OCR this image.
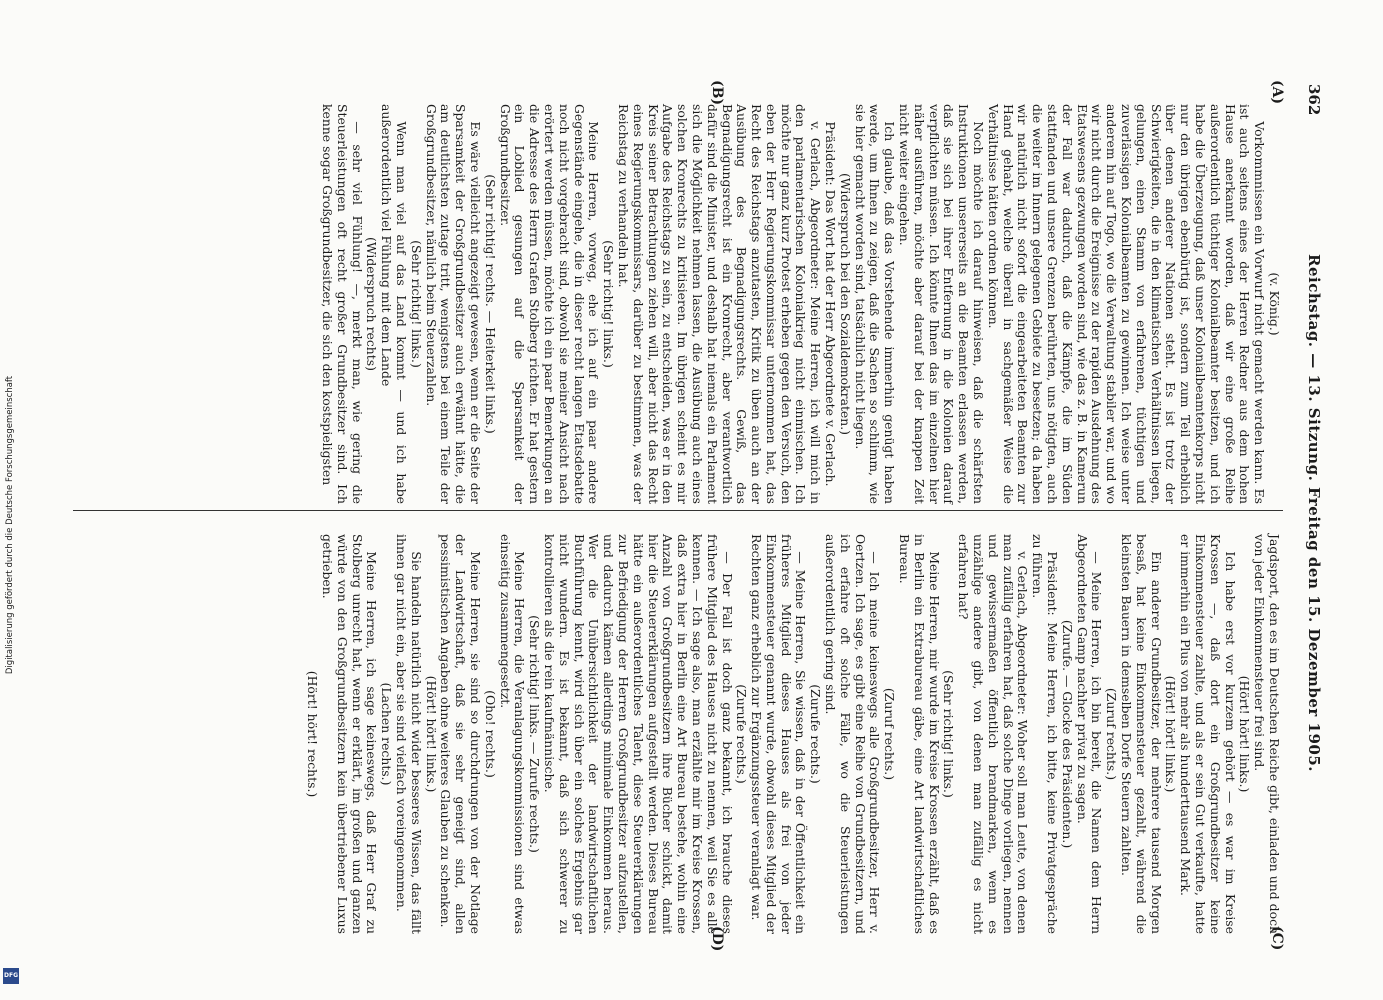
362
Reichstag. — 13. Sitzung. Freitag den 15. Dezember 1905.
(A)
(B)
(C)
(D)

(v. König.)

Vorkommnissen ein Vorwurf nicht gemacht werden kann. Es ist auch seitens eines der Herren Redner aus dem hohen Hause anerkannt worden, daß wir eine große Reihe außerordentlich tüchtiger Kolonialbeamter besitzen, und ich habe die Überzeugung, daß unser Kolonialbeamtenkorps nicht nur den übrigen ebenbürtig ist, sondern zum Teil erheblich über denen anderer Nationen steht. Es ist trotz der Schwierigkeiten, die in den klimatischen Verhältnissen liegen, gelungen, einen Stamm von erfahrenen, tüchtigen und zuverlässigen Kolonialbeamten zu gewinnen. Ich weise unter anderem hin auf Togo, wo die Verwaltung stabiler war, und wo wir nicht durch die Ereignisse zu der rapiden Ausdehnung des Etatswesens gezwungen worden sind, wie das z. B. in Kamerun der Fall war dadurch, daß die Kämpfe, die im Süden stattfanden und unsere Grenzen berührten, uns nötigten, auch die weiter im Innern gelegenen Gebiete zu besetzen; da haben wir natürlich nicht sofort die eingearbeiteten Beamten zur Hand gehabt, welche überall in sachgemäßer Weise die Verhältnisse hätten ordnen können.

Noch möchte ich darauf hinweisen, daß die schärfsten Instruktionen unsererseits an die Beamten erlassen werden, daß sie sich bei ihrer Entfernung in die Kolonien darauf verpflichten müssen. Ich könnte Ihnen das im einzelnen hier näher ausführen, möchte aber darauf bei der knappen Zeit nicht weiter eingehen.

Ich glaube, daß das Vorstehende immerhin genügt haben werde, um Ihnen zu zeigen, daß die Sachen so schlimm, wie sie hier gemacht worden sind, tatsächlich nicht liegen.

(Widerspruch bei den Sozialdemokraten.)

Präsident: Das Wort hat der Herr Abgeordnete v. Gerlach.

v. Gerlach, Abgeordneter: Meine Herren, ich will mich in den parlamentarischen Kolonialkrieg nicht einmischen. Ich möchte nur ganz kurz Protest erheben gegen den Versuch, den eben der Herr Regierungskommissar unternommen hat, das Recht des Reichstags anzutasten, Kritik zu üben auch an der Ausübung des Begnadigungsrechts. Gewiß, das Begnadigungsrecht ist ein Kronrecht, aber verantwortlich dafür sind die Minister, und deshalb hat niemals ein Parlament sich die Möglichkeit nehmen lassen, die Ausübung auch eines solchen Kronrechts zu kritisieren. Im übrigen scheint es mir Aufgabe des Reichstags zu sein, zu entscheiden, was er in den Kreis seiner Betrachtungen ziehen will, aber nicht das Recht eines Regierungskommissars, darüber zu bestimmen, was der Reichstag zu verhandeln hat.

(Sehr richtig! links.)

Meine Herren, vorweg, ehe ich auf ein paar andere Gegenstände eingehe, die in dieser recht langen Etatsdebatte noch nicht vorgebracht sind, obwohl sie meiner Ansicht nach erörtert werden müssen, möchte ich ein paar Bemerkungen an die Adresse des Herrn Grafen Stolberg richten. Er hat gestern ein Loblied gesungen auf die Sparsamkeit der Großgrundbesitzer.

(Sehr richtig! rechts. — Heiterkeit links.)

Es wäre vielleicht angezeigt gewesen, wenn er die Seite der Sparsamkeit der Großgrundbesitzer auch erwähnt hätte, die am deutlichsten zutage tritt, wenigstens bei einem Teile der Großgrundbesitzer, nämlich beim Steuerzahlen.

(Sehr richtig! links.)

Wenn man viel auf das Land kommt — und ich habe außerordentlich viel Fühlung mit dem Lande

(Widerspruch rechts)

— sehr viel Fühlung! —, merkt man, wie gering die Steuerleistungen oft recht großer Grundbesitzer sind. Ich kenne sogar Großgrundbesitzer, die sich den kostspieligsten

Jagdsport, den es im Deutschen Reiche gibt, einladen und doch von jeder Einkommensteuer frei sind.

(Hört! hört! links.)

Ich habe erst vor kurzem gehört — es war im Kreise Krossen —, daß dort ein Großgrundbesitzer keine Einkommensteuer zahlte, und als er sein Gut verkaufte, hatte er immerhin ein Plus von mehr als hunderttausend Mark.

(Hört! hört! links.)

Ein anderer Grundbesitzer, der mehrere tausend Morgen besaß, hat keine Einkommensteuer gezahlt, während die kleinsten Bauern in demselben Dorfe Steuern zahlten.

(Zuruf rechts.)

— Meine Herren, ich bin bereit, die Namen dem Herrn Abgeordneten Gamp nachher privat zu sagen.

(Zurufe. — Glocke des Präsidenten.)

Präsident: Meine Herren, ich bitte, keine Privatgespräche zu führen.

v. Gerlach, Abgeordneter: Woher soll man Leute, von denen man zufällig erfahren hat, daß solche Dinge vorliegen, nennen und gewissermaßen öffentlich brandmarken, wenn es unzählige andere gibt, von denen man zufällig es nicht erfahren hat?

(Sehr richtig! links.)

Meine Herren, mir wurde im Kreise Krossen erzählt, daß es in Berlin ein Extrabureau gäbe, eine Art landwirtschaftliches Bureau.

(Zuruf rechts.)

— Ich meine keineswegs alle Großgrundbesitzer, Herr v. Oertzen. Ich sage, es gibt eine Reihe von Grundbesitzern, und ich erfahre oft solche Fälle, wo die Steuerleistungen außerordentlich gering sind.

(Zurufe rechts.)

— Meine Herren, Sie wissen, daß in der Öffentlichkeit ein früheres Mitglied dieses Hauses als frei von jeder Einkommensteuer genannt wurde, obwohl dieses Mitglied der Rechten ganz erheblich zur Ergänzungssteuer veranlagt war.

(Zurufe rechts.)

— Der Fall ist doch ganz bekannt, ich brauche dieses frühere Mitglied des Hauses nicht zu nennen, weil Sie es alle kennen. — Ich sage also, man erzählte mir im Kreise Krossen, daß extra hier in Berlin eine Art Bureau bestehe, wohin eine Anzahl von Großgrundbesitzern ihre Bücher schickt, damit hier die Steuererklärungen aufgestellt werden. Dieses Bureau hätte ein außerordentliches Talent, diese Steuererklärungen zur Befriedigung der Herren Großgrundbesitzer aufzustellen, und dadurch kämen allerdings minimale Einkommen heraus. Wer die Unübersichtlichkeit der landwirtschaftlichen Buchführung kennt, wird sich über ein solches Ergebnis gar nicht wundern. Es ist bekannt, daß sich schwerer zu kontrollieren als die rein kaufmännische.

(Sehr richtig! links. — Zurufe rechts.)

Meine Herren, die Veranlagungskommissionen sind etwas einseitig zusammengesetzt.

(Oho! rechts.)

Meine Herren, sie sind so durchdrungen von der Notlage der Landwirtschaft, daß sie sehr geneigt sind, allen pessimistischen Angaben ohne weiteres Glauben zu schenken.

(Hört! hört! links.)

Sie handeln natürlich nicht wider besseres Wissen, das fällt ihnen gar nicht ein, aber sie sind vielfach voreingenommen.

(Lachen rechts.)

Meine Herren, ich sage keineswegs, daß Herr Graf zu Stolberg unrecht hat, wenn er erklärt, im großen und ganzen würde von den Großgrundbesitzern kein übertriebener Luxus getrieben.

(Hört! hört! rechts.)

Digitalisierung gefördert durch die Deutsche Forschungsgemeinschaft
DFG
